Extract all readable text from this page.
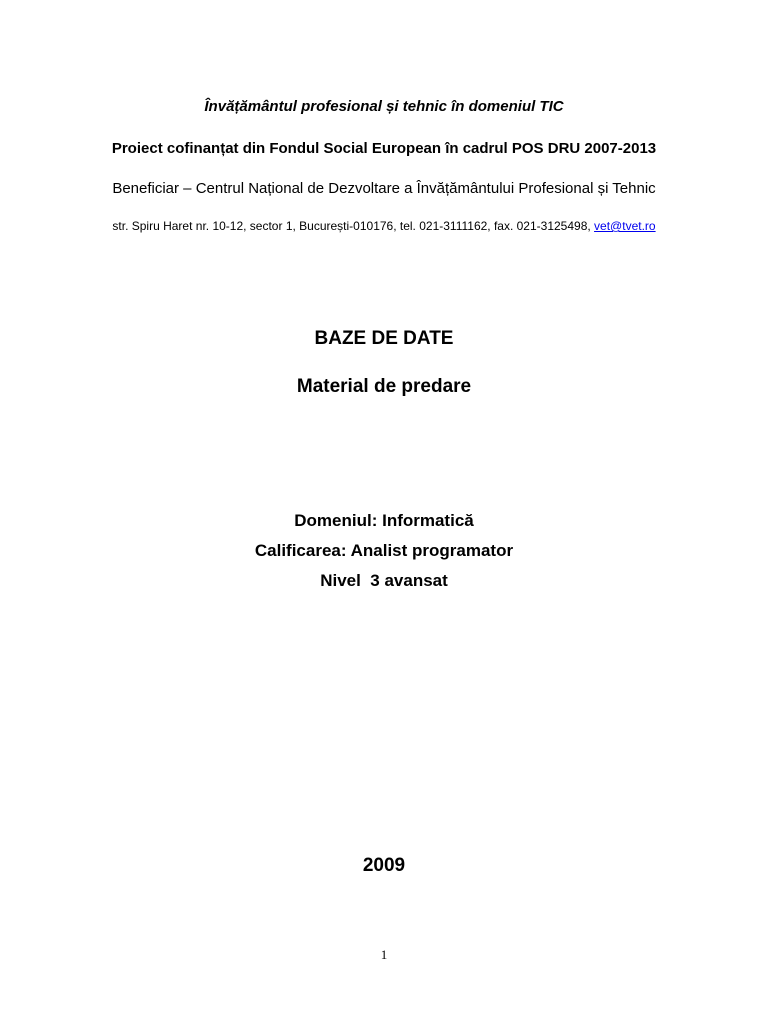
Învățământul profesional și tehnic în domeniul TIC
Proiect cofinanțat din Fondul Social European în cadrul POS DRU 2007-2013
Beneficiar – Centrul Național de Dezvoltare a Învățământului Profesional și Tehnic
str. Spiru Haret nr. 10-12, sector 1, București-010176, tel. 021-3111162, fax. 021-3125498, vet@tvet.ro
BAZE DE DATE
Material de predare
Domeniul: Informatică
Calificarea: Analist programator
Nivel  3 avansat
2009
1
